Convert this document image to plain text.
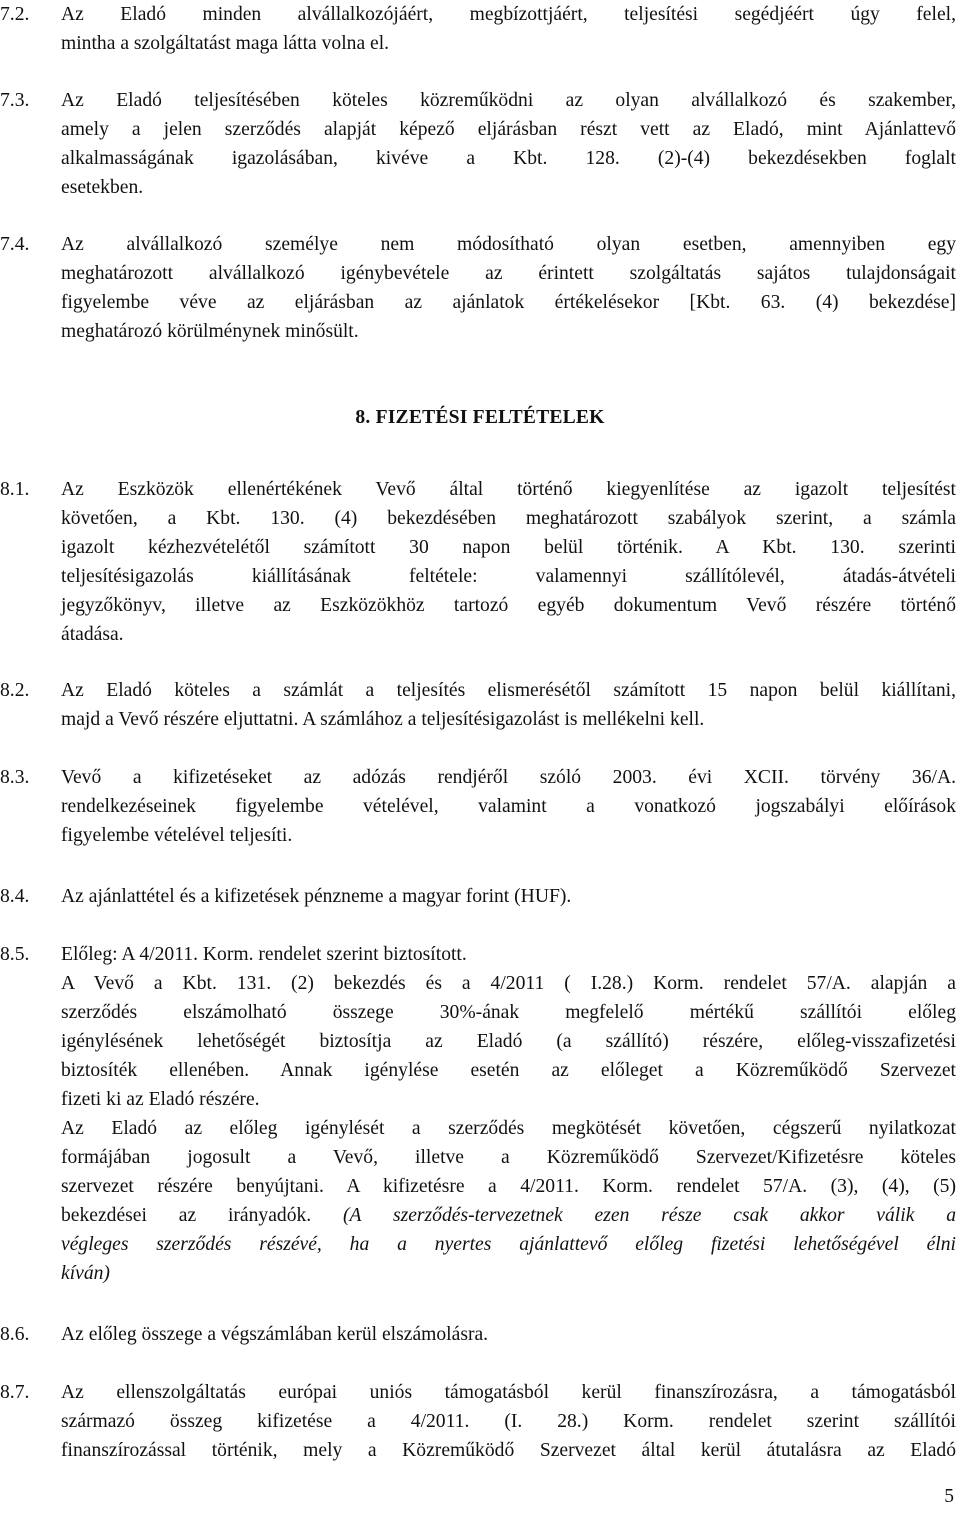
7.2.	Az Eladó minden alvállalkozójáért, megbízottjáért, teljesítési segédjéért úgy felel,
mintha a szolgáltatást maga látta volna el.
7.3.	Az Eladó teljesítésében köteles közreműködni az olyan alvállalkozó és szakember,
amely a jelen szerződés alapját képező eljárásban részt vett az Eladó, mint Ajánlattevő
alkalmasságának igazolásában, kivéve a Kbt. 128. (2)-(4) bekezdésekben foglalt
esetekben.
7.4.	Az alvállalkozó személye nem módosítható olyan esetben, amennyiben egy
meghatározott alvállalkozó igénybevétele az érintett szolgáltatás sajátos tulajdonságait
figyelembe véve az eljárásban az ajánlatok értékelésekor [Kbt. 63. (4) bekezdése]
meghatározó körülménynek minősült.
8. FIZETÉSI FELTÉTELEK
8.1.	Az Eszközök ellenértékének Vevő által történő kiegyenlítése az igazolt teljesítést
követően, a Kbt. 130. (4) bekezdésében meghatározott szabályok szerint, a számla
igazolt kézhezvételétől számított 30 napon belül történik. A Kbt. 130. szerinti
teljesítésigazolás kiállításának feltétele: valamennyi szállítólevél, átadás-átvételi
jegyzőkönyv, illetve az Eszközökhöz tartozó egyéb dokumentum Vevő részére történő
átadása.
8.2.	Az Eladó köteles a számlát a teljesítés elismerésétől számított 15 napon belül kiállítani,
majd a Vevő részére eljuttatni. A számlához a teljesítésigazolást is mellékelni kell.
8.3.	Vevő a kifizetéseket az adózás rendjéről szóló 2003. évi XCII. törvény 36/A.
rendelkezéseinek figyelembe vételével, valamint a vonatkozó jogszabályi előírások
figyelembe vételével teljesíti.
8.4.	Az ajánlattétel és a kifizetések pénzneme a magyar forint (HUF).
8.5.	Előleg: A 4/2011. Korm. rendelet szerint biztosított.
A Vevő a Kbt. 131. (2) bekezdés és a 4/2011 ( I.28.) Korm. rendelet 57/A. alapján a
szerződés elszámolható összege 30%-ának megfelelő mértékű szállítói előleg
igénylésének lehetőségét biztosítja az Eladó (a szállító) részére, előleg-visszafizetési
biztosíték ellenében. Annak igénylése esetén az előleget a Közreműködő Szervezet
fizeti ki az Eladó részére.
Az Eladó az előleg igénylését a szerződés megkötését követően, cégszerű nyilatkozat
formájában jogosult a Vevő, illetve a Közreműködő Szervezet/Kifizetésre köteles
szervezet részére benyújtani. A kifizetésre a 4/2011. Korm. rendelet 57/A. (3), (4), (5)
bekezdései az irányadók. (A szerződés-tervezetnek ezen része csak akkor válik a
végleges szerződés részévé, ha a nyertes ajánlattevő előleg fizetési lehetőségével élni
kíván)
8.6.	Az előleg összege a végszámlában kerül elszámolásra.
8.7.	Az ellenszolgáltatás európai uniós támogatásból kerül finanszírozásra, a támogatásból
származó összeg kifizetése a 4/2011. (I. 28.) Korm. rendelet szerint szállítói
finanszírozással történik, mely a Közreműködő Szervezet által kerül átutalásra az Eladó
5
